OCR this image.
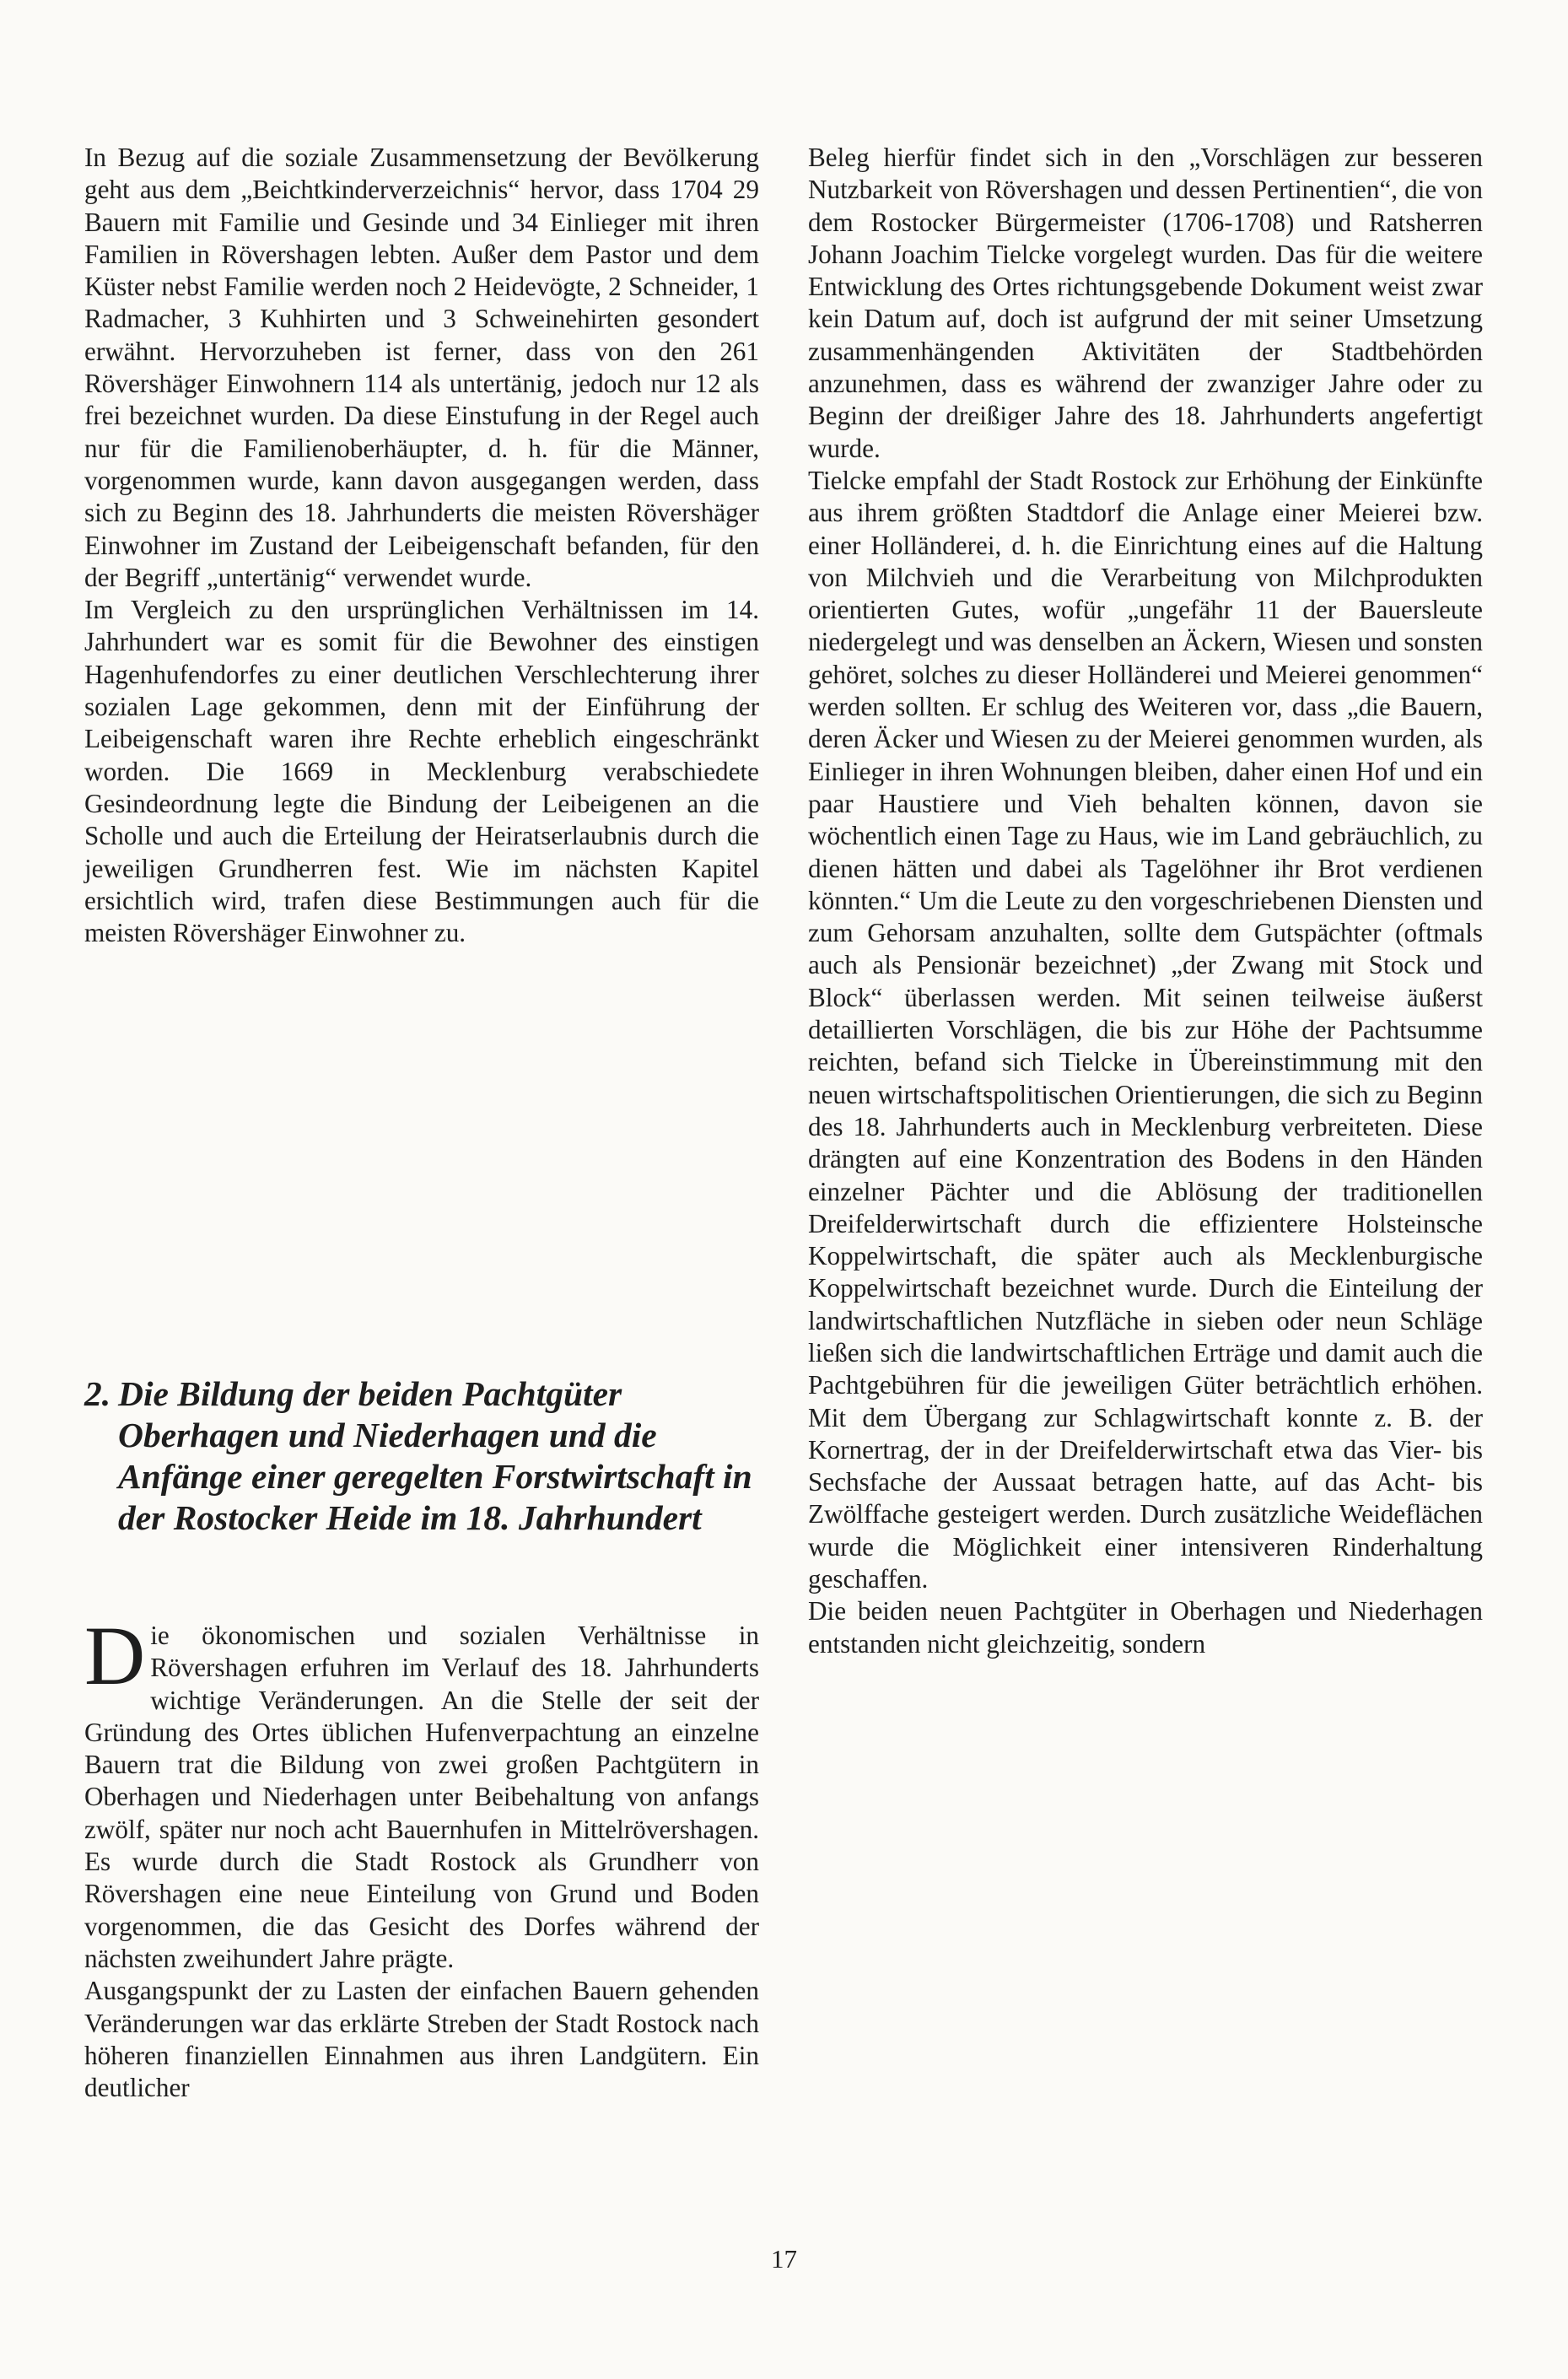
In Bezug auf die soziale Zusammensetzung der Bevölkerung geht aus dem „Beichtkinderverzeichnis“ hervor, dass 1704 29 Bauern mit Familie und Gesinde und 34 Einlieger mit ihren Familien in Rövershagen lebten. Außer dem Pastor und dem Küster nebst Familie werden noch 2 Heidevögte, 2 Schneider, 1 Radmacher, 3 Kuhhirten und 3 Schweinehirten gesondert erwähnt. Hervorzuheben ist ferner, dass von den 261 Rövershäger Einwohnern 114 als untertänig, jedoch nur 12 als frei bezeichnet wurden. Da diese Einstufung in der Regel auch nur für die Familienoberhäupter, d. h. für die Männer, vorgenommen wurde, kann davon ausgegangen werden, dass sich zu Beginn des 18. Jahrhunderts die meisten Rövershäger Einwohner im Zustand der Leibeigenschaft befanden, für den der Begriff „untertänig“ verwendet wurde.

Im Vergleich zu den ursprünglichen Verhältnissen im 14. Jahrhundert war es somit für die Bewohner des einstigen Hagenhufendorfes zu einer deutlichen Verschlechterung ihrer sozialen Lage gekommen, denn mit der Einführung der Leibeigenschaft waren ihre Rechte erheblich eingeschränkt worden. Die 1669 in Mecklenburg verabschiedete Gesindeordnung legte die Bindung der Leibeigenen an die Scholle und auch die Erteilung der Heiratserlaubnis durch die jeweiligen Grundherren fest. Wie im nächsten Kapitel ersichtlich wird, trafen diese Bestimmungen auch für die meisten Rövershäger Einwohner zu.

2. Die Bildung der beiden Pachtgüter Oberhagen und Niederhagen und die Anfänge einer geregelten Forstwirtschaft in der Rostocker Heide im 18. Jahrhundert

Die ökonomischen und sozialen Verhältnisse in Rövershagen erfuhren im Verlauf des 18. Jahrhunderts wichtige Veränderungen. An die Stelle der seit der Gründung des Ortes üblichen Hufenverpachtung an einzelne Bauern trat die Bildung von zwei großen Pachtgütern in Oberhagen und Niederhagen unter Beibehaltung von anfangs zwölf, später nur noch acht Bauernhufen in Mittelrövershagen. Es wurde durch die Stadt Rostock als Grundherr von Rövershagen eine neue Einteilung von Grund und Boden vorgenommen, die das Gesicht des Dorfes während der nächsten zweihundert Jahre prägte.

Ausgangspunkt der zu Lasten der einfachen Bauern gehenden Veränderungen war das erklärte Streben der Stadt Rostock nach höheren finanziellen Einnahmen aus ihren Landgütern. Ein deutlicher

Beleg hierfür findet sich in den „Vorschlägen zur besseren Nutzbarkeit von Rövershagen und dessen Pertinentien“, die von dem Rostocker Bürgermeister (1706-1708) und Ratsherren Johann Joachim Tielcke vorgelegt wurden. Das für die weitere Entwicklung des Ortes richtungsgebende Dokument weist zwar kein Datum auf, doch ist aufgrund der mit seiner Umsetzung zusammenhängenden Aktivitäten der Stadtbehörden anzunehmen, dass es während der zwanziger Jahre oder zu Beginn der dreißiger Jahre des 18. Jahrhunderts angefertigt wurde.

Tielcke empfahl der Stadt Rostock zur Erhöhung der Einkünfte aus ihrem größten Stadtdorf die Anlage einer Meierei bzw. einer Holländerei, d. h. die Einrichtung eines auf die Haltung von Milchvieh und die Verarbeitung von Milchprodukten orientierten Gutes, wofür „ungefähr 11 der Bauersleute niedergelegt und was denselben an Äckern, Wiesen und sonsten gehöret, solches zu dieser Holländerei und Meierei genommen“ werden sollten. Er schlug des Weiteren vor, dass „die Bauern, deren Äcker und Wiesen zu der Meierei genommen wurden, als Einlieger in ihren Wohnungen bleiben, daher einen Hof und ein paar Haustiere und Vieh behalten können, davon sie wöchentlich einen Tage zu Haus, wie im Land gebräuchlich, zu dienen hätten und dabei als Tagelöhner ihr Brot verdienen könnten.“ Um die Leute zu den vorgeschriebenen Diensten und zum Gehorsam anzuhalten, sollte dem Gutspächter (oftmals auch als Pensionär bezeichnet) „der Zwang mit Stock und Block“ überlassen werden. Mit seinen teilweise äußerst detaillierten Vorschlägen, die bis zur Höhe der Pachtsumme reichten, befand sich Tielcke in Übereinstimmung mit den neuen wirtschaftspolitischen Orientierungen, die sich zu Beginn des 18. Jahrhunderts auch in Mecklenburg verbreiteten. Diese drängten auf eine Konzentration des Bodens in den Händen einzelner Pächter und die Ablösung der traditionellen Dreifelderwirtschaft durch die effizientere Holsteinsche Koppelwirtschaft, die später auch als Mecklenburgische Koppelwirtschaft bezeichnet wurde. Durch die Einteilung der landwirtschaftlichen Nutzfläche in sieben oder neun Schläge ließen sich die landwirtschaftlichen Erträge und damit auch die Pachtgebühren für die jeweiligen Güter beträchtlich erhöhen. Mit dem Übergang zur Schlagwirtschaft konnte z. B. der Kornertrag, der in der Dreifelderwirtschaft etwa das Vier- bis Sechsfache der Aussaat betragen hatte, auf das Acht- bis Zwölffache gesteigert werden. Durch zusätzliche Weideflächen wurde die Möglichkeit einer intensiveren Rinderhaltung geschaffen.

Die beiden neuen Pachtgüter in Oberhagen und Niederhagen entstanden nicht gleichzeitig, sondern

17
